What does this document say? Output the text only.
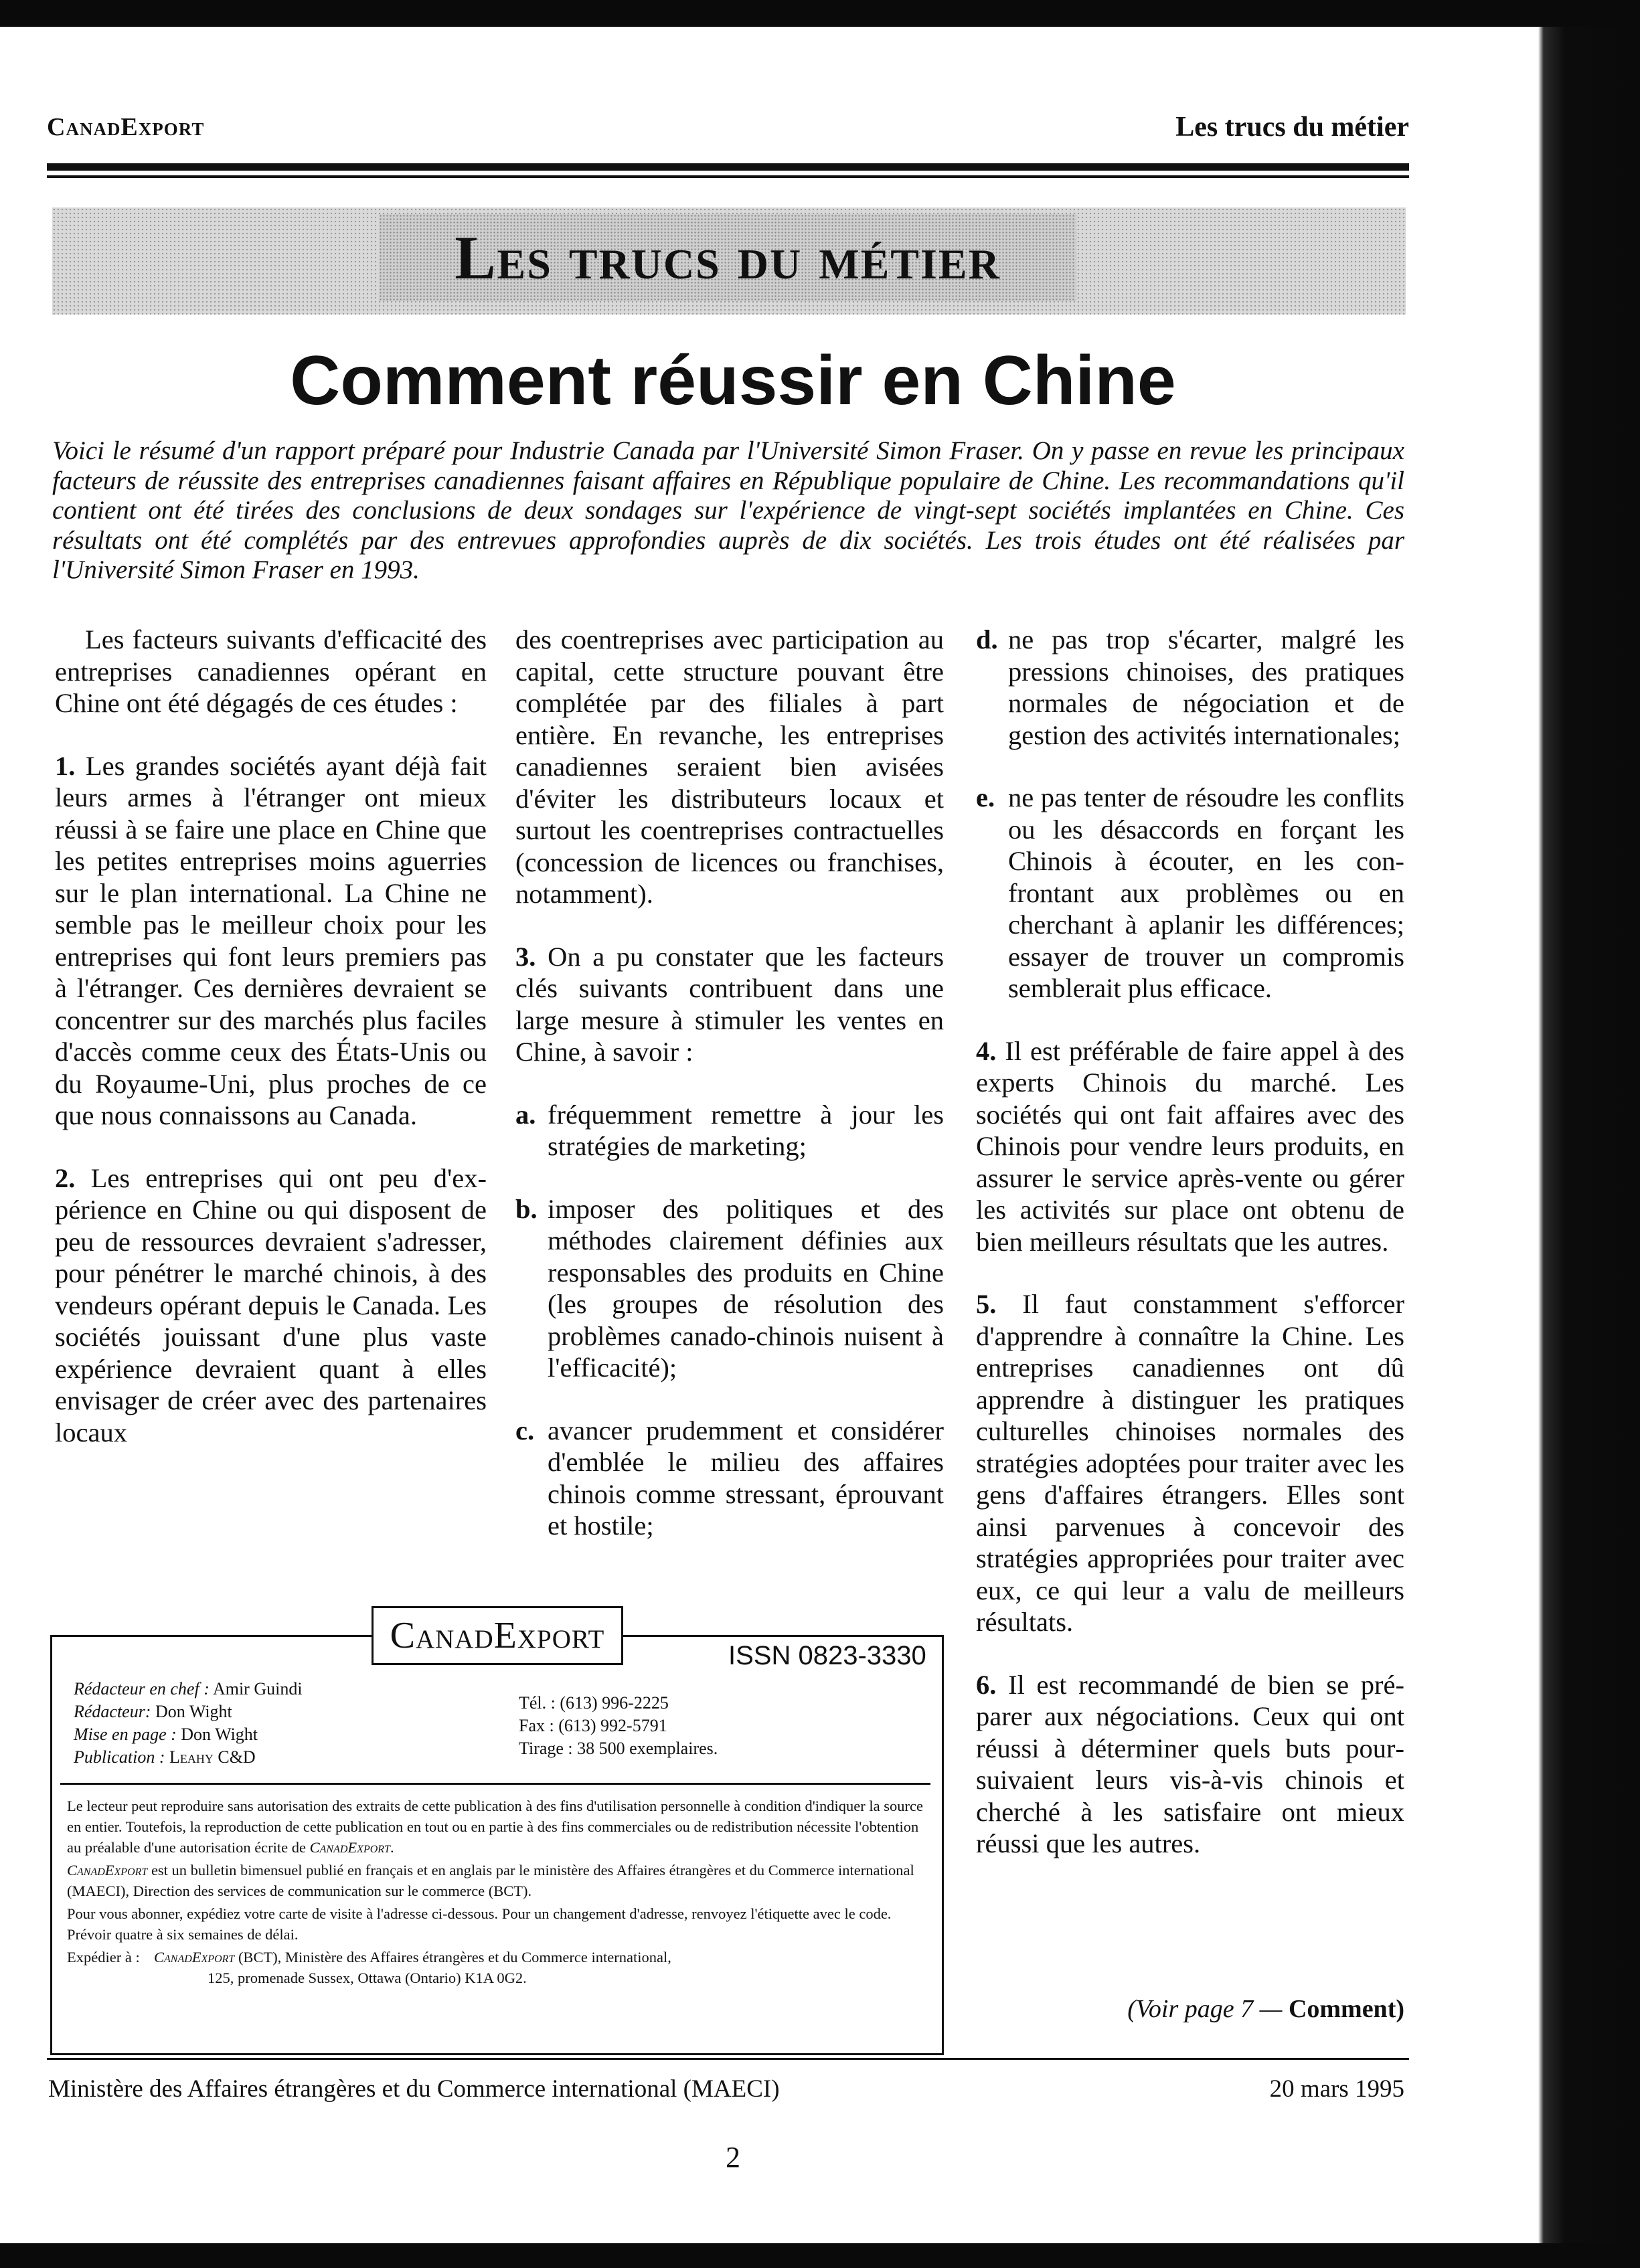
CanadExport	Les trucs du métier
Les trucs du métier
Comment réussir en Chine
Voici le résumé d'un rapport préparé pour Industrie Canada par l'Université Simon Fraser. On y passe en revue les principaux facteurs de réussite des entreprises canadiennes faisant affaires en République populaire de Chine. Les recommandations qu'il contient ont été tirées des conclusions de deux sondages sur l'expérience de vingt-sept sociétés implantées en Chine. Ces résultats ont été complétés par des entrevues approfondies auprès de dix sociétés. Les trois études ont été réalisées par l'Université Simon Fraser en 1993.

Les facteurs suivants d'efficacité des entreprises canadiennes opérant en Chine ont été dégagés de ces études :

1. Les grandes sociétés ayant déjà fait leurs armes à l'étranger ont mieux réussi à se faire une place en Chine que les petites entreprises moins aguerries sur le plan international. La Chine ne semble pas le meilleur choix pour les entreprises qui font leurs premiers pas à l'étranger. Ces dernières devraient se concentrer sur des marchés plus faciles d'accès comme ceux des États-Unis ou du Royaume-Uni, plus proches de ce que nous connaissons au Canada.

2. Les entreprises qui ont peu d'expérience en Chine ou qui disposent de peu de ressources devraient s'adresser, pour pénétrer le marché chinois, à des vendeurs opérant depuis le Canada. Les sociétés jouissant d'une plus vaste expérience devraient quant à elles envisager de créer avec des partenaires locaux

des coentreprises avec participation au capital, cette structure pouvant être complétée par des filiales à part entière. En revanche, les entreprises canadiennes seraient bien avisées d'éviter les distributeurs locaux et surtout les coentreprises contractuelles (concession de licences ou franchises, notamment).

3. On a pu constater que les facteurs clés suivants contribuent dans une large mesure à stimuler les ventes en Chine, à savoir :

a. fréquemment remettre à jour les stratégies de marketing;
b. imposer des politiques et des méthodes clairement définies aux responsables des produits en Chine (les groupes de résolution des problèmes canado-chinois nuisent à l'efficacité);
c. avancer prudemment et considérer d'emblée le milieu des affaires chinois comme stressant, éprouvant et hostile;
d. ne pas trop s'écarter, malgré les pressions chinoises, des pratiques normales de négociation et de gestion des activités internationales;
e. ne pas tenter de résoudre les conflits ou les désaccords en forçant les Chinois à écouter, en les confrontant aux problèmes ou en cherchant à aplanir les différences; essayer de trouver un compromis semblerait plus efficace.

4. Il est préférable de faire appel à des experts Chinois du marché. Les sociétés qui ont fait affaires avec des Chinois pour vendre leurs produits, en assurer le service après-vente ou gérer les activités sur place ont obtenu de bien meilleurs résultats que les autres.

5. Il faut constamment s'efforcer d'apprendre à connaître la Chine. Les entreprises canadiennes ont dû apprendre à distinguer les pratiques culturelles chinoises normales des stratégies adoptées pour traiter avec les gens d'affaires étrangers. Elles sont ainsi parvenues à concevoir des stratégies appropriées pour traiter avec eux, ce qui leur a valu de meilleurs résultats.

6. Il est recommandé de bien se préparer aux négociations. Ceux qui ont réussi à déterminer quels buts poursuivaient leurs vis-à-vis chinois et cherché à les satisfaire ont mieux réussi que les autres.

(Voir page 7 — Comment)
CanadExport	ISSN 0823-3330
Rédacteur en chef : Amir Guindi
Rédacteur: Don Wight
Mise en page : Don Wight
Publication : Leahy C&D
Tél. : (613) 996-2225
Fax : (613) 992-5791
Tirage : 38 500 exemplaires.

Le lecteur peut reproduire sans autorisation des extraits de cette publication à des fins d'utilisation personnelle à condition d'indiquer la source en entier. Toutefois, la reproduction de cette publication en tout ou en partie à des fins commerciales ou de redistribution nécessite l'obtention au préalable d'une autorisation écrite de CanadExport.

CanadExport est un bulletin bimensuel publié en français et en anglais par le ministère des Affaires étrangères et du Commerce international (MAECI), Direction des services de communication sur le commerce (BCT).

Pour vous abonner, expédiez votre carte de visite à l'adresse ci-dessous. Pour un changement d'adresse, renvoyez l'étiquette avec le code. Prévoir quatre à six semaines de délai.

Expédier à : CanadExport (BCT), Ministère des Affaires étrangères et du Commerce international,
125, promenade Sussex, Ottawa (Ontario) K1A 0G2.
Ministère des Affaires étrangères et du Commerce international (MAECI)	20 mars 1995
2
